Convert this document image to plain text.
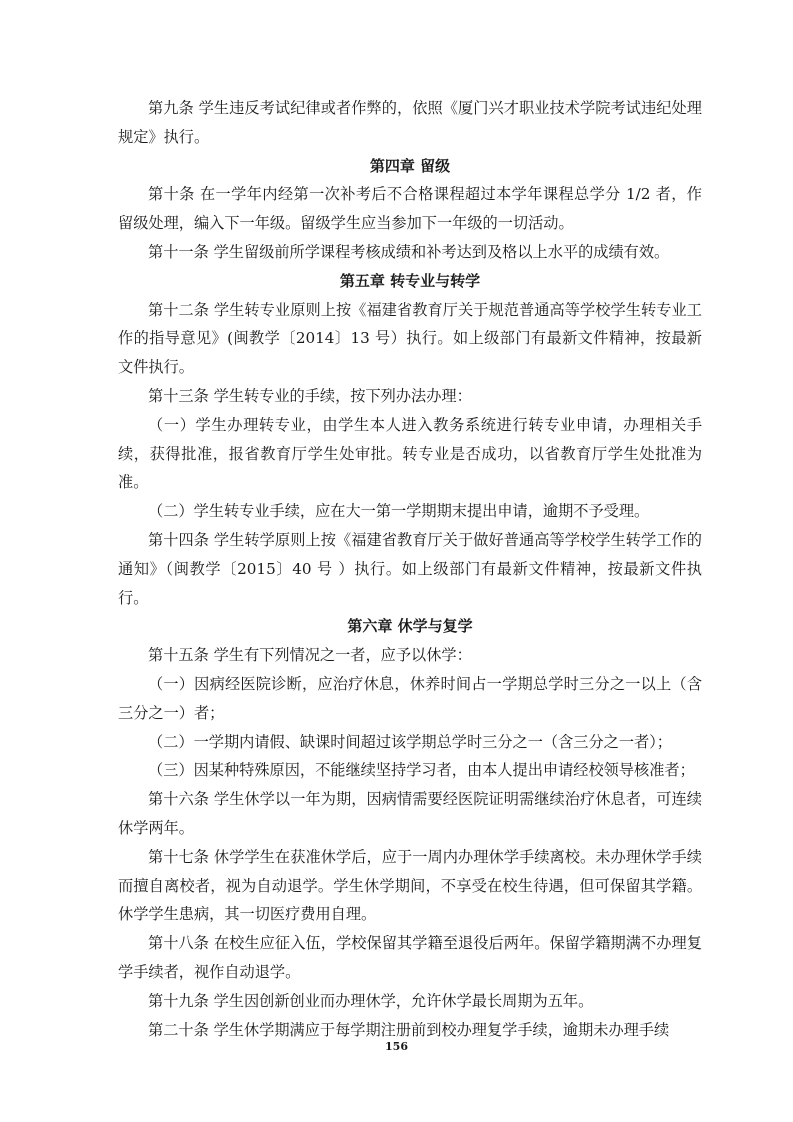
第九条 学生违反考试纪律或者作弊的，依照《厦门兴才职业技术学院考试违纪处理规定》执行。

第四章 留级

第十条 在一学年内经第一次补考后不合格课程超过本学年课程总学分 1/2 者，作留级处理，编入下一年级。留级学生应当参加下一年级的一切活动。

第十一条 学生留级前所学课程考核成绩和补考达到及格以上水平的成绩有效。

第五章 转专业与转学

第十二条 学生转专业原则上按《福建省教育厅关于规范普通高等学校学生转专业工作的指导意见》(闽教学〔2014〕13 号）执行。如上级部门有最新文件精神，按最新文件执行。

第十三条 学生转专业的手续，按下列办法办理：

（一）学生办理转专业，由学生本人进入教务系统进行转专业申请，办理相关手续，获得批准，报省教育厅学生处审批。转专业是否成功，以省教育厅学生处批准为准。

（二）学生转专业手续，应在大一第一学期期末提出申请，逾期不予受理。

第十四条 学生转学原则上按《福建省教育厅关于做好普通高等学校学生转学工作的通知》（闽教学〔2015〕40 号 ）执行。如上级部门有最新文件精神，按最新文件执行。

第六章 休学与复学

第十五条 学生有下列情况之一者，应予以休学：

（一）因病经医院诊断，应治疗休息，休养时间占一学期总学时三分之一以上（含三分之一）者；

（二）一学期内请假、缺课时间超过该学期总学时三分之一（含三分之一者）；

（三）因某种特殊原因，不能继续坚持学习者，由本人提出申请经校领导核准者；

第十六条 学生休学以一年为期，因病情需要经医院证明需继续治疗休息者，可连续休学两年。

第十七条 休学学生在获准休学后，应于一周内办理休学手续离校。未办理休学手续而擅自离校者，视为自动退学。学生休学期间，不享受在校生待遇，但可保留其学籍。休学学生患病，其一切医疗费用自理。

第十八条 在校生应征入伍，学校保留其学籍至退役后两年。保留学籍期满不办理复学手续者，视作自动退学。

第十九条 学生因创新创业而办理休学，允许休学最长周期为五年。

第二十条 学生休学期满应于每学期注册前到校办理复学手续，逾期未办理手续

156
